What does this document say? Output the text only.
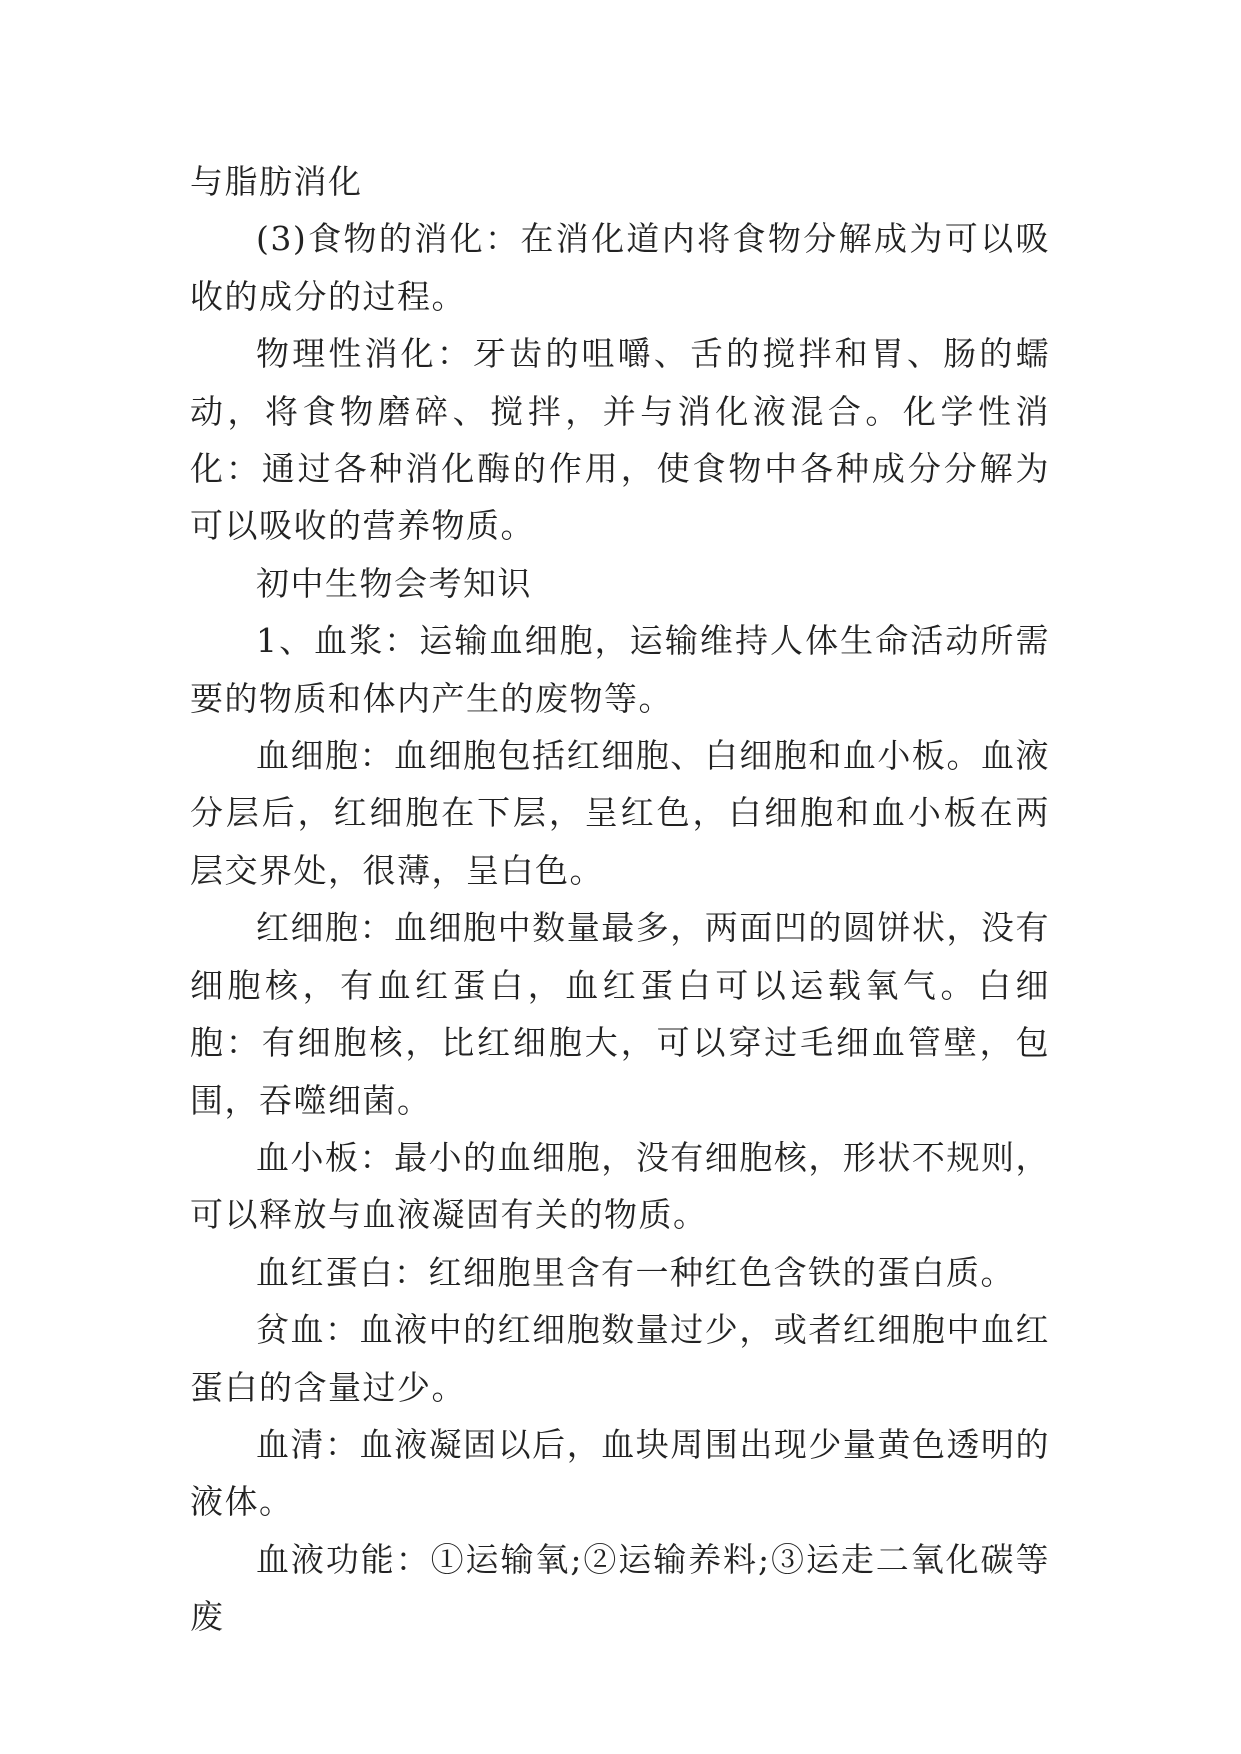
与脂肪消化

(3)食物的消化：在消化道内将食物分解成为可以吸收的成分的过程。

物理性消化：牙齿的咀嚼、舌的搅拌和胃、肠的蠕动，将食物磨碎、搅拌，并与消化液混合。化学性消化：通过各种消化酶的作用，使食物中各种成分分解为可以吸收的营养物质。

初中生物会考知识

1、血浆：运输血细胞，运输维持人体生命活动所需要的物质和体内产生的废物等。

血细胞：血细胞包括红细胞、白细胞和血小板。血液分层后，红细胞在下层，呈红色，白细胞和血小板在两层交界处，很薄，呈白色。

红细胞：血细胞中数量最多，两面凹的圆饼状，没有细胞核，有血红蛋白，血红蛋白可以运载氧气。白细胞：有细胞核，比红细胞大，可以穿过毛细血管壁，包围，吞噬细菌。

血小板：最小的血细胞，没有细胞核，形状不规则，可以释放与血液凝固有关的物质。

血红蛋白：红细胞里含有一种红色含铁的蛋白质。

贫血：血液中的红细胞数量过少，或者红细胞中血红蛋白的含量过少。

血清：血液凝固以后，血块周围出现少量黄色透明的液体。

血液功能：①运输氧;②运输养料;③运走二氧化碳等废
